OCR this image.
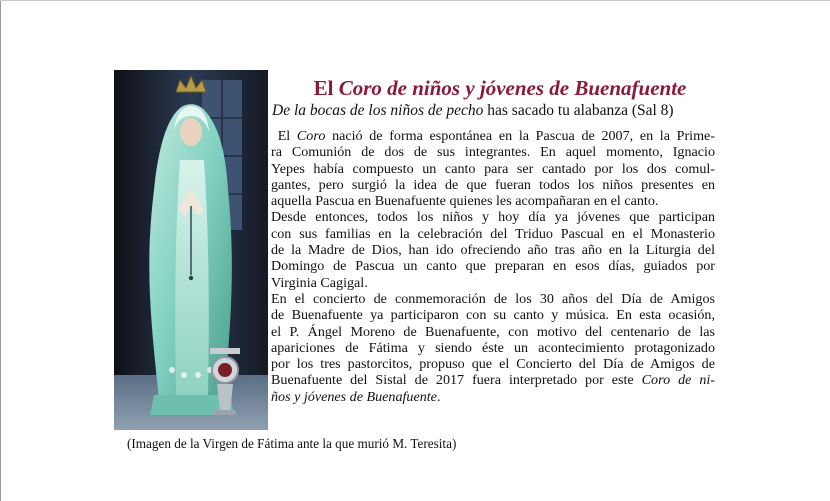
El Coro de niños y jóvenes de Buenafuente
De la bocas de los niños de pecho has sacado tu alabanza (Sal 8)

El Coro nació de forma espontánea en la Pascua de 2007, en la Prime-
ra Comunión de dos de sus integrantes. En aquel momento, Ignacio
Yepes había compuesto un canto para ser cantado por los dos comul-
gantes, pero surgió la idea de que fueran todos los niños presentes en
aquella Pascua en Buenafuente quienes les acompañaran en el canto.

Desde entonces, todos los niños y hoy día ya jóvenes que participan
con sus familias en la celebración del Triduo Pascual en el Monasterio
de la Madre de Dios, han ido ofreciendo año tras año en la Liturgia del
Domingo de Pascua un canto que preparan en esos días, guiados por
Virginia Cagigal.

En el concierto de conmemoración de los 30 años del Día de Amigos
de Buenafuente ya participaron con su canto y música. En esta ocasión,
el P. Ángel Moreno de Buenafuente, con motivo del centenario de las
apariciones de Fátima y siendo éste un acontecimiento protagonizado
por los tres pastorcitos, propuso que el Concierto del Día de Amigos de
Buenafuente del Sistal de 2017 fuera interpretado por este Coro de ni-
ños y jóvenes de Buenafuente.

(Imagen de la Virgen de Fátima ante la que murió M. Teresita)
